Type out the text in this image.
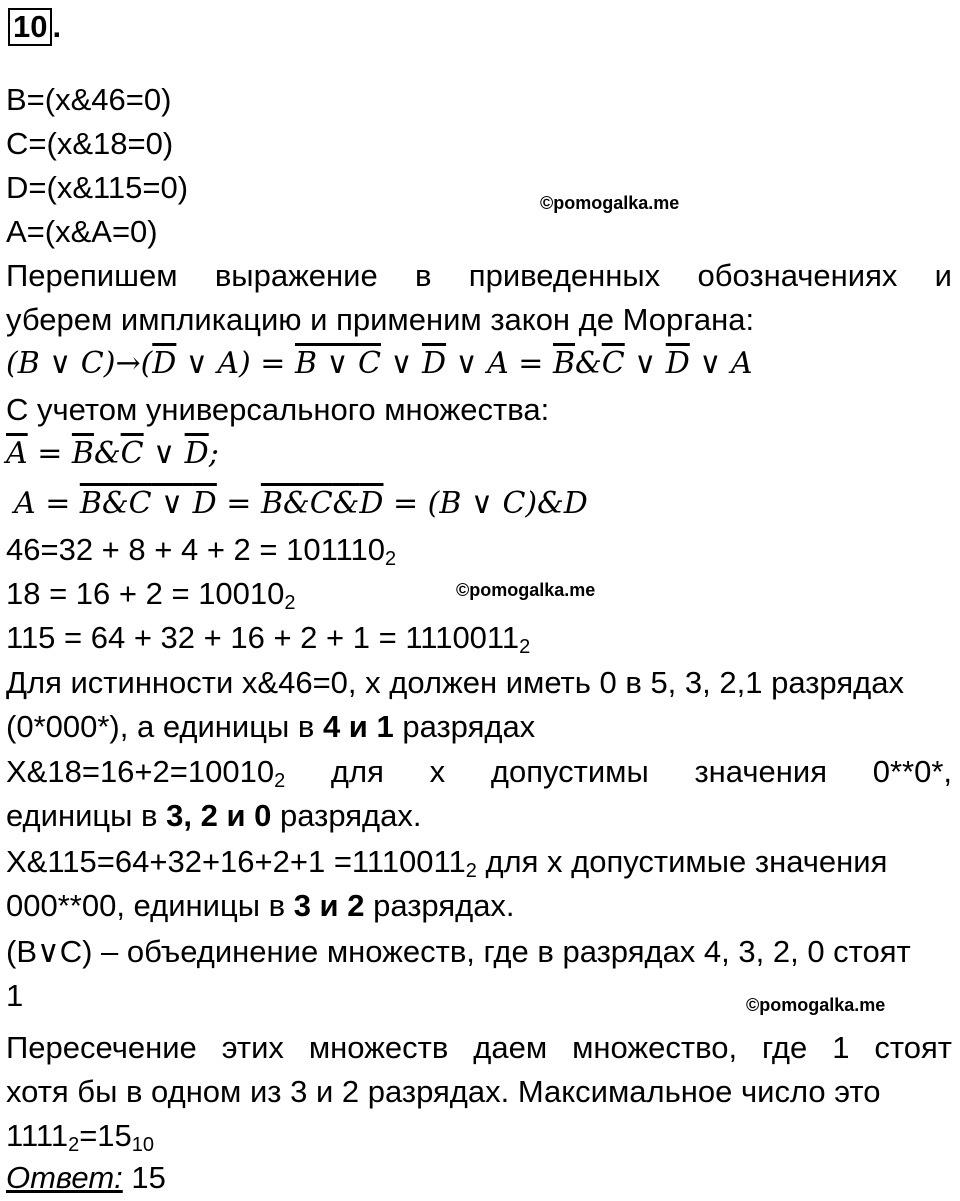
10 .
B=(x&46=0)
C=(x&18=0)
D=(x&115=0)
A=(x&A=0)
©pomogalka.me
Перепишем выражение в приведенных обозначениях и
уберем импликацию и применим закон де Моргана:
(B ∨ $C)\to(\overline{D}$ ∨ A) = B ∨ C ∨ $\overline{D}$ ∨ $A = \overline{B}\&\overline{C}$ ∨ $\overline{D}$ ∨ A
С учетом универсального множества:
$\overline{A}$ = $\overline{B}\&\overline{C}$ ∨ $\overline{D}$;
A = B&C ∨ D = B&C&D = (B ∨ C)&D
$46=32 + 8 + 4 + 2 = 101110_2$
$18 = 16 + 2 = 10010_2$
©pomogalka.me
$115 = 64 + 32 + 16 + 2 + 1 = 1110011_2$
Для истинности x&46=0, x должен иметь 0 в 5, 3, 2,1 разрядах
(0*000*), а единицы в 4 и 1 разрядах
$X\&18=16+2=10010_2$ для x допустимы значения 0**0*,
единицы в 3, 2 и 0 разрядах.
X&115=64+32+16+2+1 $=1110011_2$ для x допустимые значения
000**00, единицы в 3 и 2 разрядах.
(B∨C) – объединение множеств, где в разрядах 4, 3, 2, 0 стоят
1	©pomogalka.me
Пересечение этих множеств даем множество, где 1 стоят
хотя бы в одном из 3 и 2 разрядах. Максимальное число это
$1111_2=15_{10}$
Ответ: 15
